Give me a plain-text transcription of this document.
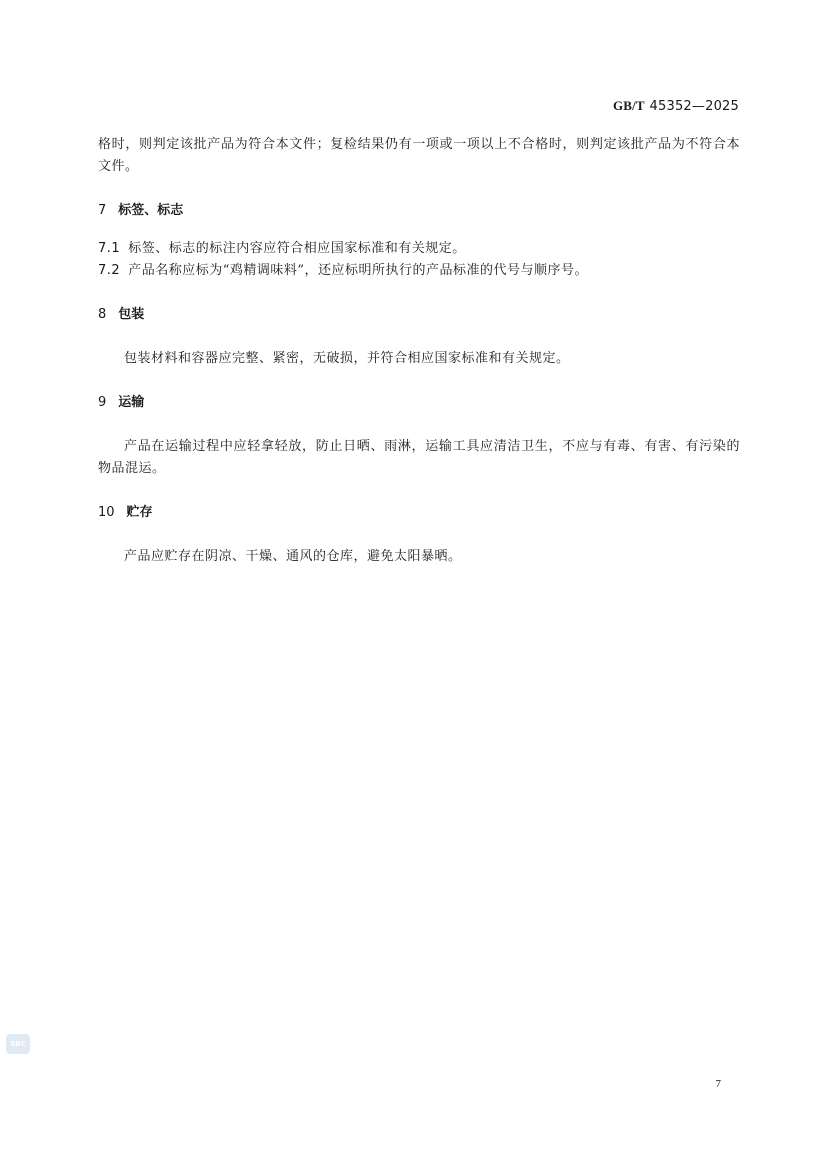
GB/T 45352—2025

格时，则判定该批产品为符合本文件；复检结果仍有一项或一项以上不合格时，则判定该批产品为不符合本文件。

7 标签、标志

7.1 标签、标志的标注内容应符合相应国家标准和有关规定。

7.2 产品名称应标为“鸡精调味料”，还应标明所执行的产品标准的代号与顺序号。

8 包装

包装材料和容器应完整、紧密，无破损，并符合相应国家标准和有关规定。

9 运输

产品在运输过程中应轻拿轻放，防止日晒、雨淋，运输工具应清洁卫生，不应与有毒、有害、有污染的物品混运。

10 贮存

产品应贮存在阴凉、干燥、通风的仓库，避免太阳暴晒。

SBC
7
